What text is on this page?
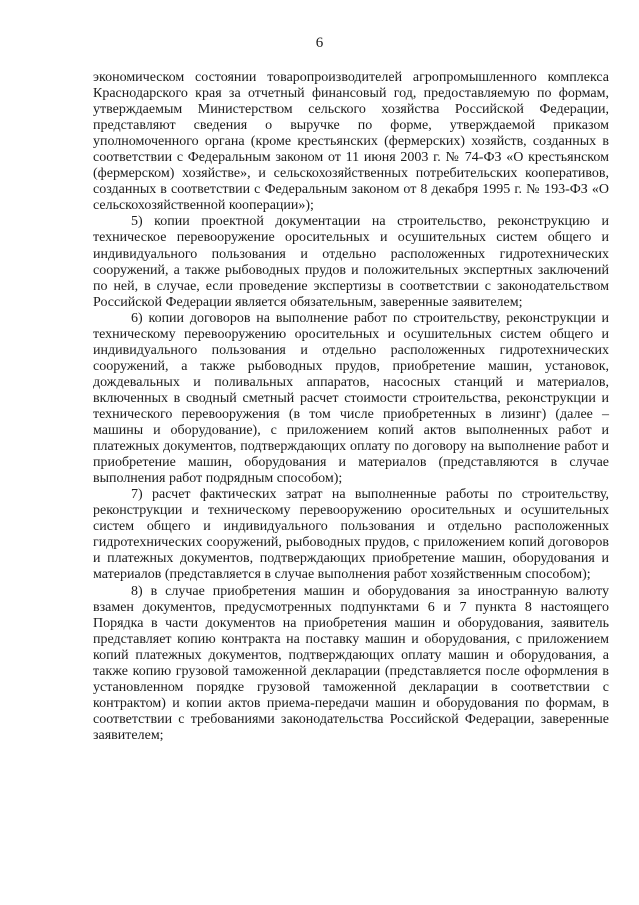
6

экономическом состоянии товаропроизводителей агропромышленного комплекса Краснодарского края за отчетный финансовый год, предоставляемую по формам, утверждаемым Министерством сельского хозяйства Российской Федерации, представляют сведения о выручке по форме, утверждаемой приказом уполномоченного органа (кроме крестьянских (фермерских) хозяйств, созданных в соответствии с Федеральным законом от 11 июня 2003 г. № 74-ФЗ «О крестьянском (фермерском) хозяйстве», и сельскохозяйственных потребительских кооперативов, созданных в соответствии с Федеральным законом от 8 декабря 1995 г. № 193-ФЗ «О сельскохозяйственной кооперации»);

5) копии проектной документации на строительство, реконструкцию и техническое перевооружение оросительных и осушительных систем общего и индивидуального пользования и отдельно расположенных гидротехнических сооружений, а также рыбоводных прудов и положительных экспертных заключений по ней, в случае, если проведение экспертизы в соответствии с законодательством Российской Федерации является обязательным, заверенные заявителем;

6) копии договоров на выполнение работ по строительству, реконструкции и техническому перевооружению оросительных и осушительных систем общего и индивидуального пользования и отдельно расположенных гидротехнических сооружений, а также рыбоводных прудов, приобретение машин, установок, дождевальных и поливальных аппаратов, насосных станций и материалов, включенных в сводный сметный расчет стоимости строительства, реконструкции и технического перевооружения (в том числе приобретенных в лизинг) (далее – машины и оборудование), с приложением копий актов выполненных работ и платежных документов, подтверждающих оплату по договору на выполнение работ и приобретение машин, оборудования и материалов (представляются в случае выполнения работ подрядным способом);

7) расчет фактических затрат на выполненные работы по строительству, реконструкции и техническому перевооружению оросительных и осушительных систем общего и индивидуального пользования и отдельно расположенных гидротехнических сооружений, рыбоводных прудов, с приложением копий договоров и платежных документов, подтверждающих приобретение машин, оборудования и материалов (представляется в случае выполнения работ хозяйственным способом);

8) в случае приобретения машин и оборудования за иностранную валюту взамен документов, предусмотренных подпунктами 6 и 7 пункта 8 настоящего Порядка в части документов на приобретения машин и оборудования, заявитель представляет копию контракта на поставку машин и оборудования, с приложением копий платежных документов, подтверждающих оплату машин и оборудования, а также копию грузовой таможенной декларации (представляется после оформления в установленном порядке грузовой таможенной декларации в соответствии с контрактом) и копии актов приема-передачи машин и оборудования по формам, в соответствии с требованиями законодательства Российской Федерации, заверенные заявителем;
